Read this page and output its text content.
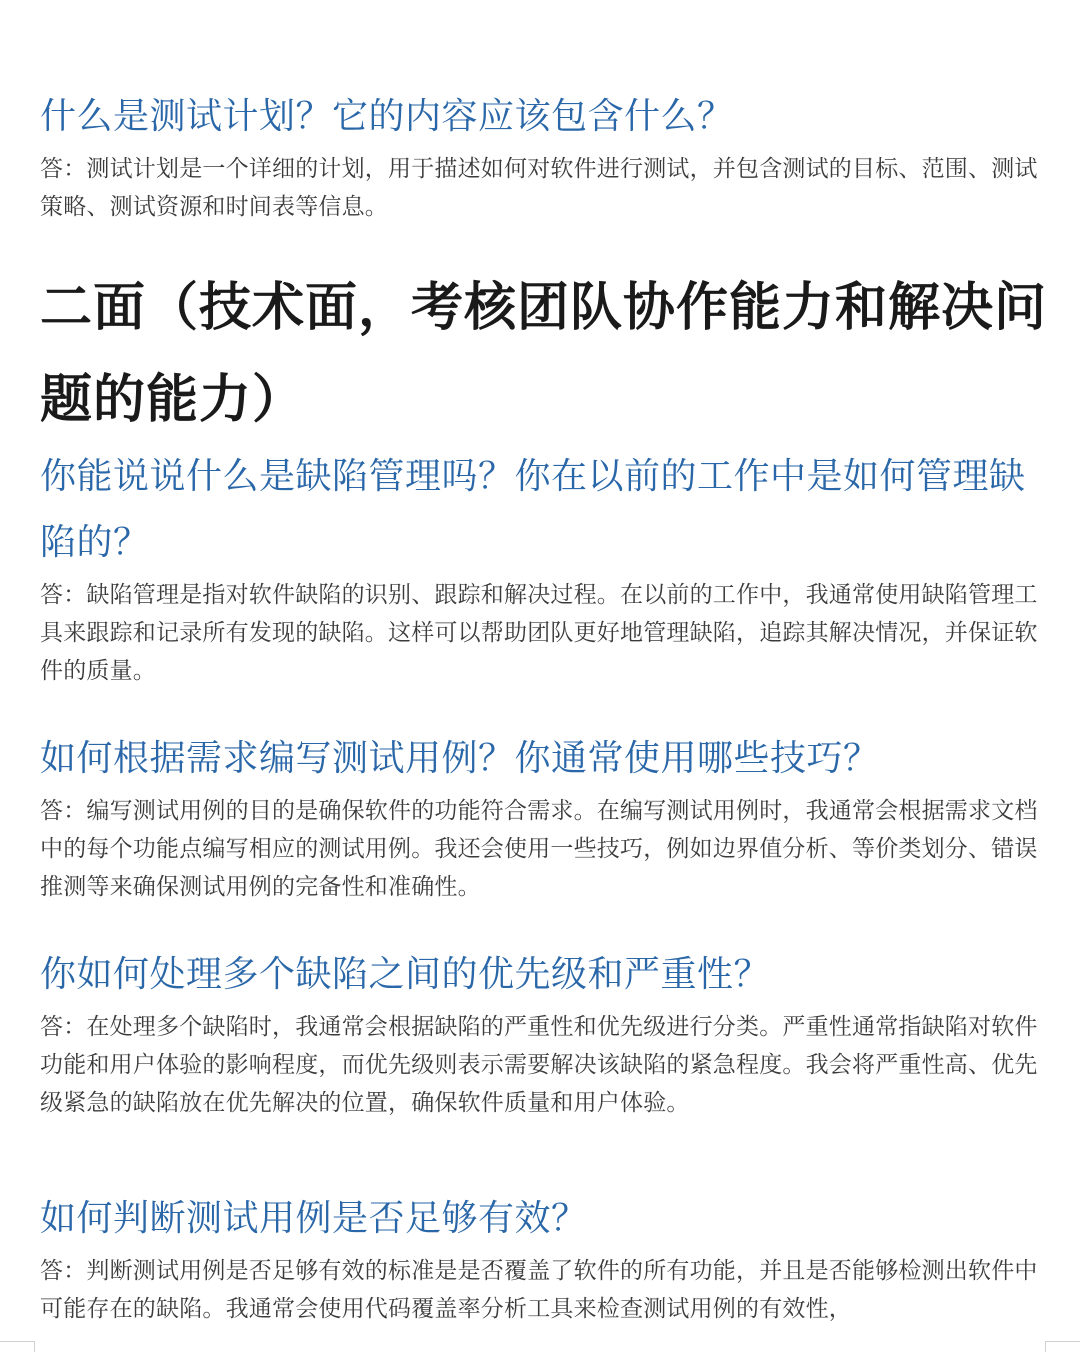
什么是测试计划？它的内容应该包含什么？
答：测试计划是一个详细的计划，用于描述如何对软件进行测试，并包含测试的目标、范围、测试策略、测试资源和时间表等信息。
二面（技术面，考核团队协作能力和解决问题的能力）
你能说说什么是缺陷管理吗？你在以前的工作中是如何管理缺陷的？
答：缺陷管理是指对软件缺陷的识别、跟踪和解决过程。在以前的工作中，我通常使用缺陷管理工具来跟踪和记录所有发现的缺陷。这样可以帮助团队更好地管理缺陷，追踪其解决情况，并保证软件的质量。
如何根据需求编写测试用例？你通常使用哪些技巧？
答：编写测试用例的目的是确保软件的功能符合需求。在编写测试用例时，我通常会根据需求文档中的每个功能点编写相应的测试用例。我还会使用一些技巧，例如边界值分析、等价类划分、错误推测等来确保测试用例的完备性和准确性。
你如何处理多个缺陷之间的优先级和严重性？
答：在处理多个缺陷时，我通常会根据缺陷的严重性和优先级进行分类。严重性通常指缺陷对软件功能和用户体验的影响程度，而优先级则表示需要解决该缺陷的紧急程度。我会将严重性高、优先级紧急的缺陷放在优先解决的位置，确保软件质量和用户体验。
如何判断测试用例是否足够有效？
答：判断测试用例是否足够有效的标准是是否覆盖了软件的所有功能，并且是否能够检测出软件中可能存在的缺陷。我通常会使用代码覆盖率分析工具来检查测试用例的有效性，
